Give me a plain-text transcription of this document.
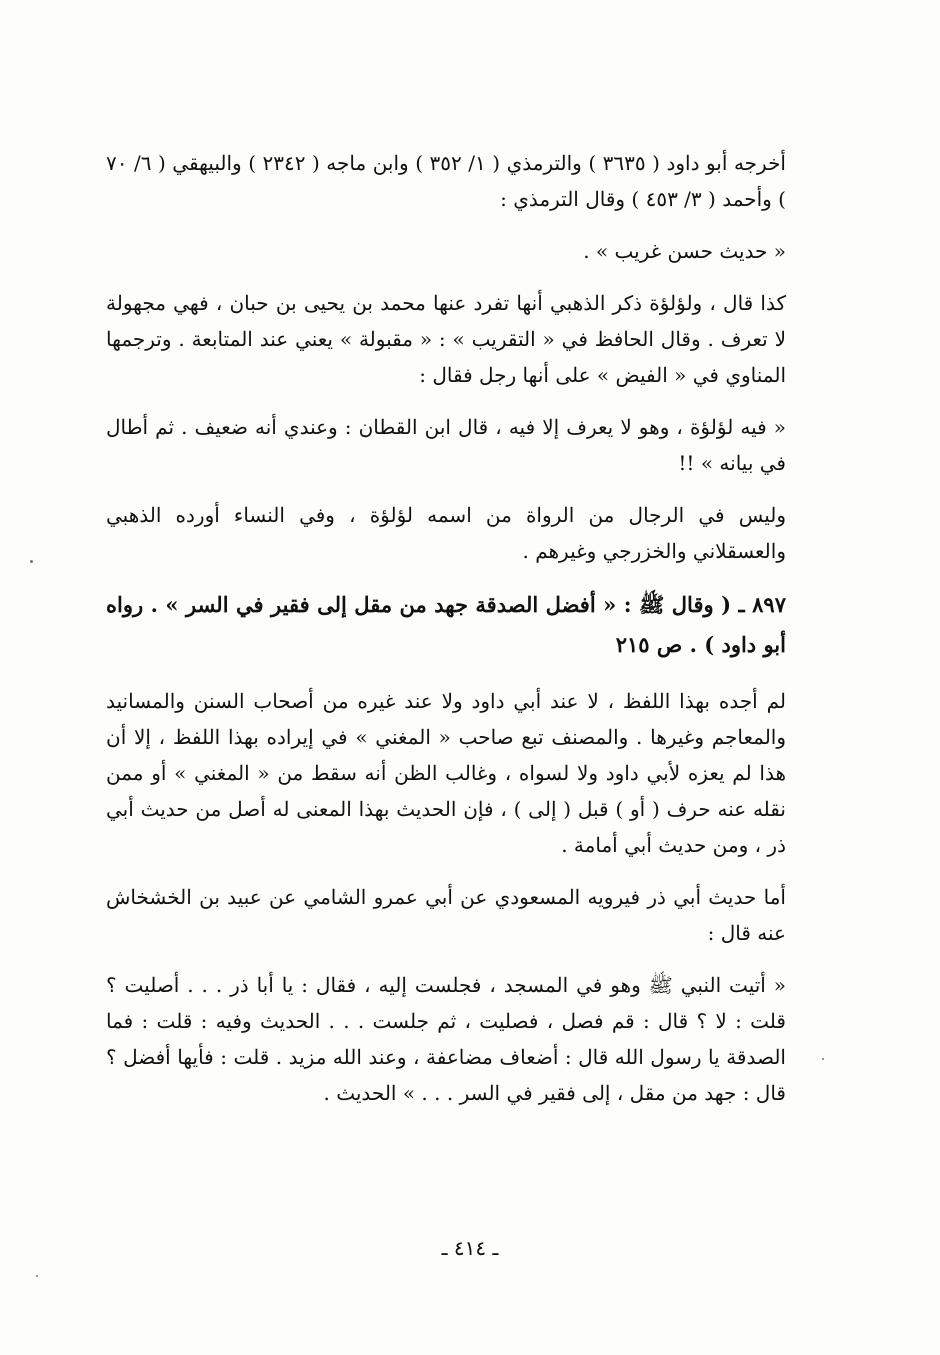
أخرجه أبو داود ( ٣٦٣٥ ) والترمذي ( ١/ ٣٥٢ ) وابن ماجه ( ٢٣٤٢ ) والبيهقي ( ٦/ ٧٠ ) وأحمد ( ٣/ ٤٥٣ ) وقال الترمذي :

« حديث حسن غريب » .

كذا قال ، ولؤلؤة ذكر الذهبي أنها تفرد عنها محمد بن يحيى بن حبان ، فهي مجهولة لا تعرف . وقال الحافظ في « التقريب » : « مقبولة » يعني عند المتابعة . وترجمها المناوي في « الفيض » على أنها رجل فقال :

« فيه لؤلؤة ، وهو لا يعرف إلا فيه ، قال ابن القطان : وعندي أنه ضعيف . ثم أطال في بيانه » !!

وليس في الرجال من الرواة من اسمه لؤلؤة ، وفي النساء أورده الذهبي والعسقلاني والخزرجي وغيرهم .

٨٩٧ ـ ( وقال ﷺ : « أفضل الصدقة جهد من مقل إلى فقير في السر » . رواه أبو داود ) . ص ٢١٥

لم أجده بهذا اللفظ ، لا عند أبي داود ولا عند غيره من أصحاب السنن والمسانيد والمعاجم وغيرها . والمصنف تبع صاحب « المغني » في إيراده بهذا اللفظ ، إلا أن هذا لم يعزه لأبي داود ولا لسواه ، وغالب الظن أنه سقط من « المغني » أو ممن نقله عنه حرف ( أو ) قبل ( إلى ) ، فإن الحديث بهذا المعنى له أصل من حديث أبي ذر ، ومن حديث أبي أمامة .

أما حديث أبي ذر فيرويه المسعودي عن أبي عمرو الشامي عن عبيد بن الخشخاش عنه قال :

« أتيت النبي ﷺ وهو في المسجد ، فجلست إليه ، فقال : يا أبا ذر . . . أصليت ؟ قلت : لا ؟ قال : قم فصل ، فصليت ، ثم جلست . . . الحديث وفيه : قلت : فما الصدقة يا رسول الله قال : أضعاف مضاعفة ، وعند الله مزيد . قلت : فأيها أفضل ؟ قال : جهد من مقل ، إلى فقير في السر . . . » الحديث .

ـ ٤١٤ ـ
